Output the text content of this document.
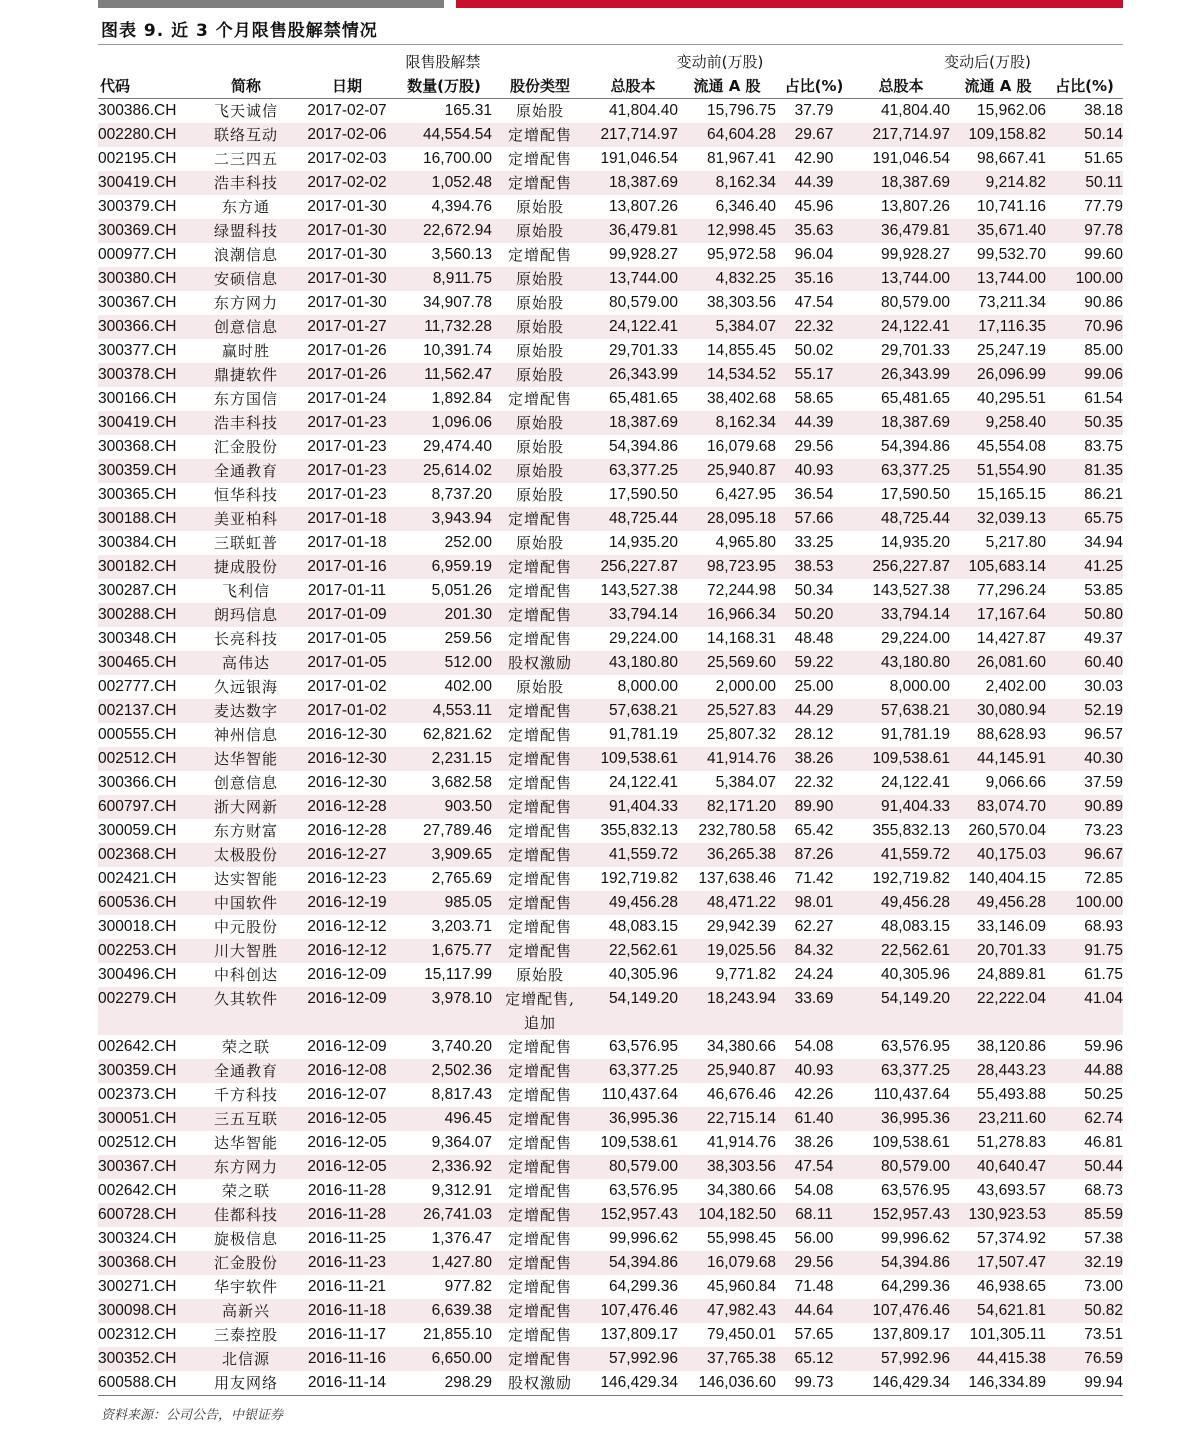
图表 9. 近 3 个月限售股解禁情况
		限售股解禁			变动前(万股)			变动后(万股)		
代码	简称	日期	数量(万股)	股份类型	总股本	流通 A 股	占比(%)	总股本	流通 A 股	占比(%)
300386.CH	飞天诚信	2017-02-07	165.31	原始股	41,804.40	15,796.75	37.79	41,804.40	15,962.06	38.18
002280.CH	联络互动	2017-02-06	44,554.54	定增配售	217,714.97	64,604.28	29.67	217,714.97	109,158.82	50.14
002195.CH	二三四五	2017-02-03	16,700.00	定增配售	191,046.54	81,967.41	42.90	191,046.54	98,667.41	51.65
300419.CH	浩丰科技	2017-02-02	1,052.48	定增配售	18,387.69	8,162.34	44.39	18,387.69	9,214.82	50.11
300379.CH	东方通	2017-01-30	4,394.76	原始股	13,807.26	6,346.40	45.96	13,807.26	10,741.16	77.79
300369.CH	绿盟科技	2017-01-30	22,672.94	原始股	36,479.81	12,998.45	35.63	36,479.81	35,671.40	97.78
000977.CH	浪潮信息	2017-01-30	3,560.13	定增配售	99,928.27	95,972.58	96.04	99,928.27	99,532.70	99.60
300380.CH	安硕信息	2017-01-30	8,911.75	原始股	13,744.00	4,832.25	35.16	13,744.00	13,744.00	100.00
300367.CH	东方网力	2017-01-30	34,907.78	原始股	80,579.00	38,303.56	47.54	80,579.00	73,211.34	90.86
300366.CH	创意信息	2017-01-27	11,732.28	原始股	24,122.41	5,384.07	22.32	24,122.41	17,116.35	70.96
300377.CH	赢时胜	2017-01-26	10,391.74	原始股	29,701.33	14,855.45	50.02	29,701.33	25,247.19	85.00
300378.CH	鼎捷软件	2017-01-26	11,562.47	原始股	26,343.99	14,534.52	55.17	26,343.99	26,096.99	99.06
300166.CH	东方国信	2017-01-24	1,892.84	定增配售	65,481.65	38,402.68	58.65	65,481.65	40,295.51	61.54
300419.CH	浩丰科技	2017-01-23	1,096.06	原始股	18,387.69	8,162.34	44.39	18,387.69	9,258.40	50.35
300368.CH	汇金股份	2017-01-23	29,474.40	原始股	54,394.86	16,079.68	29.56	54,394.86	45,554.08	83.75
300359.CH	全通教育	2017-01-23	25,614.02	原始股	63,377.25	25,940.87	40.93	63,377.25	51,554.90	81.35
300365.CH	恒华科技	2017-01-23	8,737.20	原始股	17,590.50	6,427.95	36.54	17,590.50	15,165.15	86.21
300188.CH	美亚柏科	2017-01-18	3,943.94	定增配售	48,725.44	28,095.18	57.66	48,725.44	32,039.13	65.75
300384.CH	三联虹普	2017-01-18	252.00	原始股	14,935.20	4,965.80	33.25	14,935.20	5,217.80	34.94
300182.CH	捷成股份	2017-01-16	6,959.19	定增配售	256,227.87	98,723.95	38.53	256,227.87	105,683.14	41.25
300287.CH	飞利信	2017-01-11	5,051.26	定增配售	143,527.38	72,244.98	50.34	143,527.38	77,296.24	53.85
300288.CH	朗玛信息	2017-01-09	201.30	定增配售	33,794.14	16,966.34	50.20	33,794.14	17,167.64	50.80
300348.CH	长亮科技	2017-01-05	259.56	定增配售	29,224.00	14,168.31	48.48	29,224.00	14,427.87	49.37
300465.CH	高伟达	2017-01-05	512.00	股权激励	43,180.80	25,569.60	59.22	43,180.80	26,081.60	60.40
002777.CH	久远银海	2017-01-02	402.00	原始股	8,000.00	2,000.00	25.00	8,000.00	2,402.00	30.03
002137.CH	麦达数字	2017-01-02	4,553.11	定增配售	57,638.21	25,527.83	44.29	57,638.21	30,080.94	52.19
000555.CH	神州信息	2016-12-30	62,821.62	定增配售	91,781.19	25,807.32	28.12	91,781.19	88,628.93	96.57
002512.CH	达华智能	2016-12-30	2,231.15	定增配售	109,538.61	41,914.76	38.26	109,538.61	44,145.91	40.30
300366.CH	创意信息	2016-12-30	3,682.58	定增配售	24,122.41	5,384.07	22.32	24,122.41	9,066.66	37.59
600797.CH	浙大网新	2016-12-28	903.50	定增配售	91,404.33	82,171.20	89.90	91,404.33	83,074.70	90.89
300059.CH	东方财富	2016-12-28	27,789.46	定增配售	355,832.13	232,780.58	65.42	355,832.13	260,570.04	73.23
002368.CH	太极股份	2016-12-27	3,909.65	定增配售	41,559.72	36,265.38	87.26	41,559.72	40,175.03	96.67
002421.CH	达实智能	2016-12-23	2,765.69	定增配售	192,719.82	137,638.46	71.42	192,719.82	140,404.15	72.85
600536.CH	中国软件	2016-12-19	985.05	定增配售	49,456.28	48,471.22	98.01	49,456.28	49,456.28	100.00
300018.CH	中元股份	2016-12-12	3,203.71	定增配售	48,083.15	29,942.39	62.27	48,083.15	33,146.09	68.93
002253.CH	川大智胜	2016-12-12	1,675.77	定增配售	22,562.61	19,025.56	84.32	22,562.61	20,701.33	91.75
300496.CH	中科创达	2016-12-09	15,117.99	原始股	40,305.96	9,771.82	24.24	40,305.96	24,889.81	61.75
002279.CH	久其软件	2016-12-09	3,978.10	定增配售, 追加	54,149.20	18,243.94	33.69	54,149.20	22,222.04	41.04
002642.CH	荣之联	2016-12-09	3,740.20	定增配售	63,576.95	34,380.66	54.08	63,576.95	38,120.86	59.96
300359.CH	全通教育	2016-12-08	2,502.36	定增配售	63,377.25	25,940.87	40.93	63,377.25	28,443.23	44.88
002373.CH	千方科技	2016-12-07	8,817.43	定增配售	110,437.64	46,676.46	42.26	110,437.64	55,493.88	50.25
300051.CH	三五互联	2016-12-05	496.45	定增配售	36,995.36	22,715.14	61.40	36,995.36	23,211.60	62.74
002512.CH	达华智能	2016-12-05	9,364.07	定增配售	109,538.61	41,914.76	38.26	109,538.61	51,278.83	46.81
300367.CH	东方网力	2016-12-05	2,336.92	定增配售	80,579.00	38,303.56	47.54	80,579.00	40,640.47	50.44
002642.CH	荣之联	2016-11-28	9,312.91	定增配售	63,576.95	34,380.66	54.08	63,576.95	43,693.57	68.73
600728.CH	佳都科技	2016-11-28	26,741.03	定增配售	152,957.43	104,182.50	68.11	152,957.43	130,923.53	85.59
300324.CH	旋极信息	2016-11-25	1,376.47	定增配售	99,996.62	55,998.45	56.00	99,996.62	57,374.92	57.38
300368.CH	汇金股份	2016-11-23	1,427.80	定增配售	54,394.86	16,079.68	29.56	54,394.86	17,507.47	32.19
300271.CH	华宇软件	2016-11-21	977.82	定增配售	64,299.36	45,960.84	71.48	64,299.36	46,938.65	73.00
300098.CH	高新兴	2016-11-18	6,639.38	定增配售	107,476.46	47,982.43	44.64	107,476.46	54,621.81	50.82
002312.CH	三泰控股	2016-11-17	21,855.10	定增配售	137,809.17	79,450.01	57.65	137,809.17	101,305.11	73.51
300352.CH	北信源	2016-11-16	6,650.00	定增配售	57,992.96	37,765.38	65.12	57,992.96	44,415.38	76.59
600588.CH	用友网络	2016-11-14	298.29	股权激励	146,429.34	146,036.60	99.73	146,429.34	146,334.89	99.94
资料来源：公司公告，中银证券
